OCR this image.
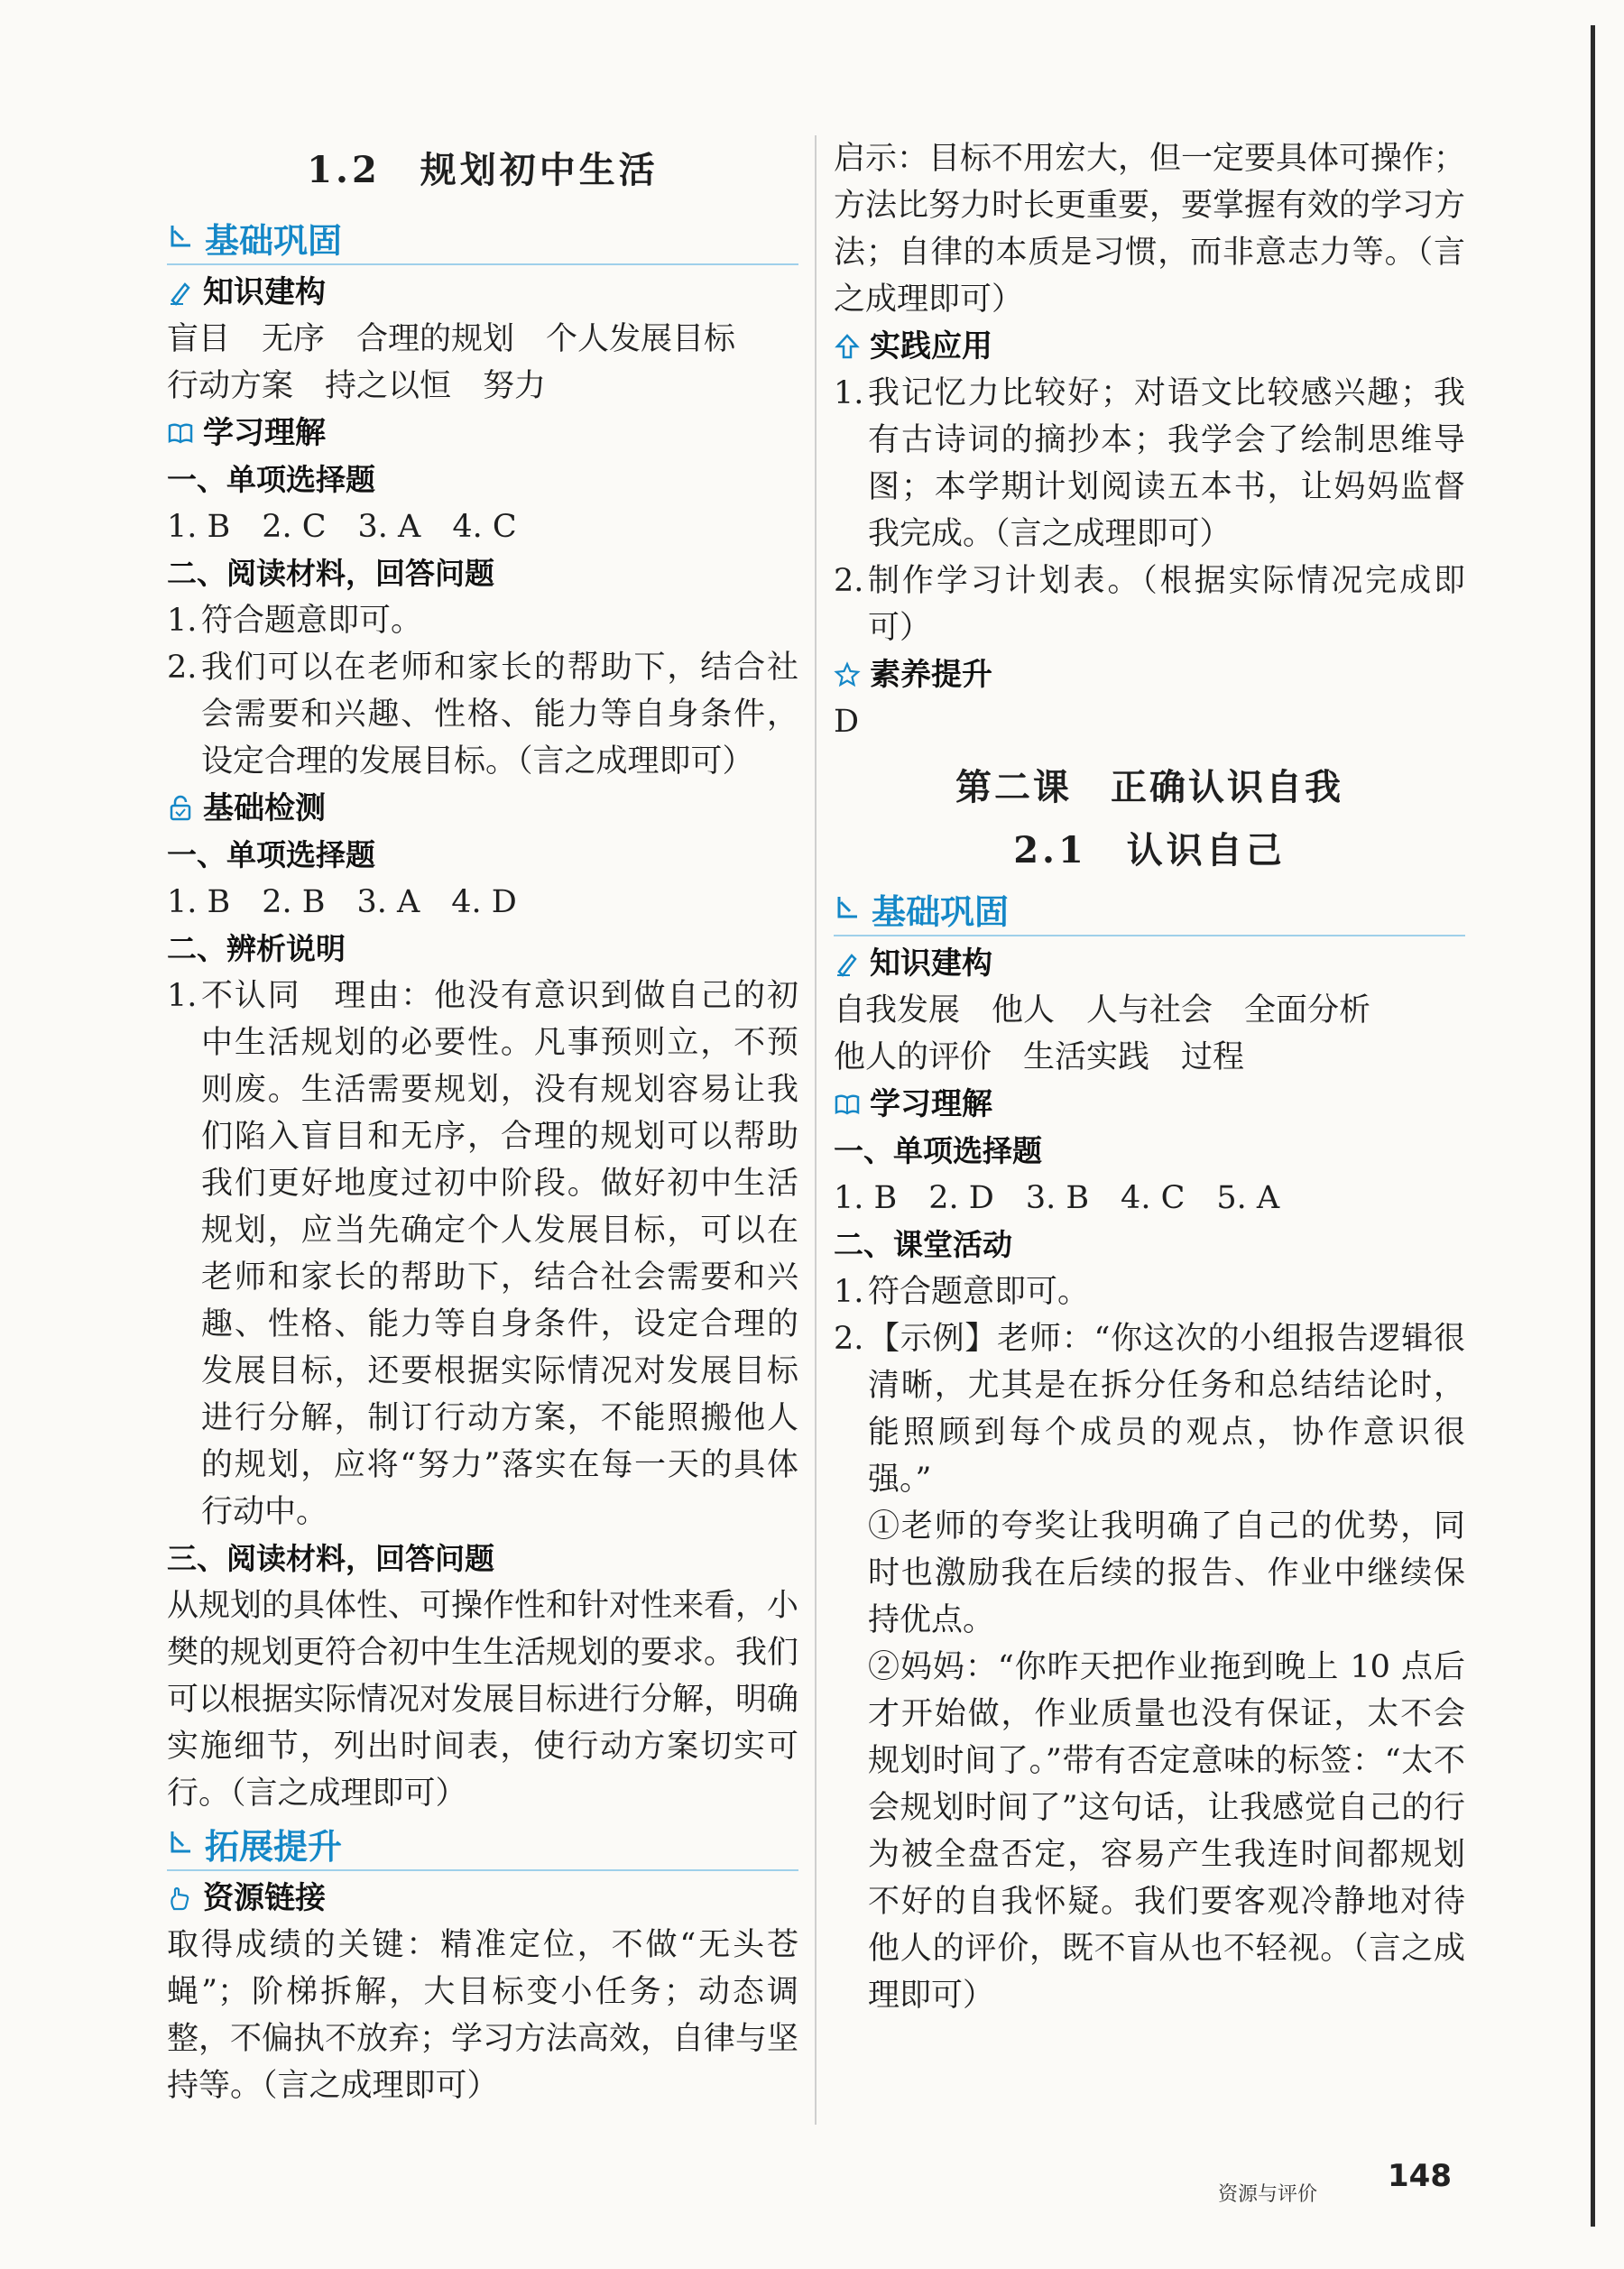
1.2　规划初中生活
基础巩固
知识建构
盲目　无序　合理的规划　个人发展目标
行动方案　持之以恒　努力
学习理解
一、单项选择题
1. B　2. C　3. A　4. C
二、阅读材料，回答问题
1. 符合题意即可。
2. 我们可以在老师和家长的帮助下，结合社会需要和兴趣、性格、能力等自身条件，设定合理的发展目标。（言之成理即可）
基础检测
一、单项选择题
1. B　2. B　3. A　4. D
二、辨析说明
1. 不认同　理由：他没有意识到做自己的初中生活规划的必要性。凡事预则立，不预则废。生活需要规划，没有规划容易让我们陷入盲目和无序，合理的规划可以帮助我们更好地度过初中阶段。做好初中生活规划，应当先确定个人发展目标，可以在老师和家长的帮助下，结合社会需要和兴趣、性格、能力等自身条件，设定合理的发展目标，还要根据实际情况对发展目标进行分解，制订行动方案，不能照搬他人的规划，应将“努力”落实在每一天的具体行动中。
三、阅读材料，回答问题
从规划的具体性、可操作性和针对性来看，小樊的规划更符合初中生生活规划的要求。我们可以根据实际情况对发展目标进行分解，明确实施细节，列出时间表，使行动方案切实可行。（言之成理即可）
拓展提升
资源链接
取得成绩的关键：精准定位，不做“无头苍蝇”；阶梯拆解，大目标变小任务；动态调整，不偏执不放弃；学习方法高效，自律与坚持等。（言之成理即可）
启示：目标不用宏大，但一定要具体可操作；方法比努力时长更重要，要掌握有效的学习方法；自律的本质是习惯，而非意志力等。（言之成理即可）
实践应用
1. 我记忆力比较好；对语文比较感兴趣；我有古诗词的摘抄本；我学会了绘制思维导图；本学期计划阅读五本书，让妈妈监督我完成。（言之成理即可）
2. 制作学习计划表。（根据实际情况完成即可）
素养提升
D
第二课　正确认识自我
2.1　认识自己
基础巩固
知识建构
自我发展　他人　人与社会　全面分析
他人的评价　生活实践　过程
学习理解
一、单项选择题
1. B　2. D　3. B　4. C　5. A
二、课堂活动
1. 符合题意即可。
2. 【示例】老师：“你这次的小组报告逻辑很清晰，尤其是在拆分任务和总结结论时，能照顾到每个成员的观点，协作意识很强。”
①老师的夸奖让我明确了自己的优势，同时也激励我在后续的报告、作业中继续保持优点。
②妈妈：“你昨天把作业拖到晚上 10 点后才开始做，作业质量也没有保证，太不会规划时间了。”带有否定意味的标签：“太不会规划时间了”这句话，让我感觉自己的行为被全盘否定，容易产生我连时间都规划不好的自我怀疑。我们要客观冷静地对待他人的评价，既不盲从也不轻视。（言之成理即可）
资源与评价
148
